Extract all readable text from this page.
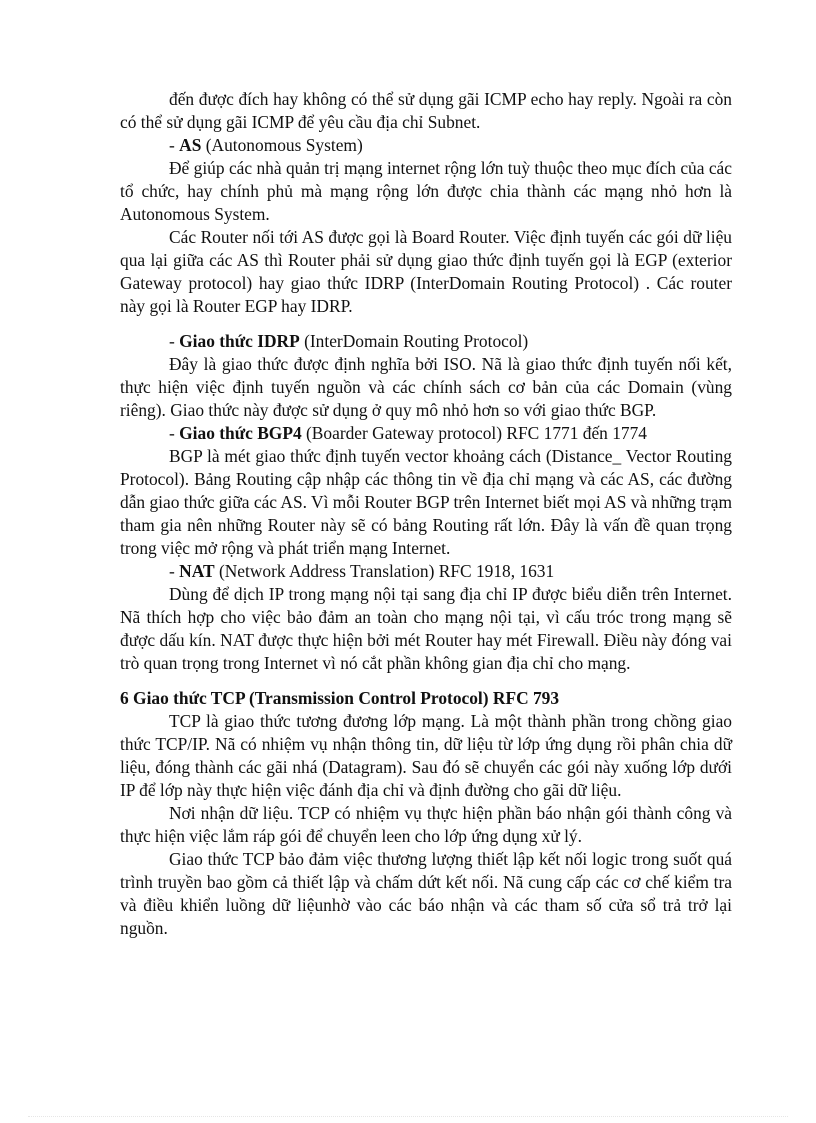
đến được đích hay không có thể sử dụng gãi ICMP echo hay reply. Ngoài ra còn có thể sử dụng gãi ICMP để yêu cầu địa chỉ Subnet.

- AS (Autonomous System)

Để giúp các nhà quản trị mạng internet rộng lớn tuỳ thuộc theo mục đích của các tổ chức, hay chính phủ mà mạng rộng lớn được chia thành các mạng nhỏ hơn là Autonomous System.

Các Router nối tới AS được gọi là Board Router. Việc định tuyến các gói dữ liệu qua lại giữa các AS thì Router phải sử dụng giao thức định tuyến gọi là EGP (exterior Gateway protocol) hay giao thức IDRP (InterDomain Routing Protocol) . Các router này gọi là Router EGP hay IDRP.

- Giao thức IDRP (InterDomain Routing Protocol)

Đây là giao thức được định nghĩa bởi ISO. Nã là giao thức định tuyến nối kết, thực hiện việc định tuyến nguồn và các chính sách cơ bản của các Domain (vùng riêng). Giao thức này được sử dụng ở quy mô nhỏ hơn so với giao thức BGP.

- Giao thức BGP4 (Boarder Gateway protocol) RFC 1771 đến 1774

BGP là mét giao thức định tuyến vector khoảng cách (Distance_ Vector Routing Protocol). Bảng Routing cập nhập các thông tin về địa chỉ mạng và các AS, các đường dẫn giao thức giữa các AS. Vì mỗi Router BGP trên Internet biết mọi AS và những trạm tham gia nên những Router này sẽ có bảng Routing rất lớn. Đây là vấn đề quan trọng trong việc mở rộng và phát triển mạng Internet.

- NAT (Network Address Translation) RFC 1918, 1631

Dùng để dịch IP trong mạng nội tại sang địa chỉ IP được biểu diễn trên Internet. Nã thích hợp cho việc bảo đảm an toàn cho mạng nội tại, vì cấu tróc trong mạng sẽ được dấu kín. NAT được thực hiện bởi mét Router hay mét Firewall. Điều này đóng vai trò quan trọng trong Internet vì nó cắt phần không gian địa chỉ cho mạng.

6 Giao thức TCP (Transmission Control Protocol) RFC 793

TCP là giao thức tương đương lớp mạng. Là một thành phần trong chồng giao thức TCP/IP. Nã có nhiệm vụ nhận thông tin, dữ liệu từ lớp ứng dụng rồi phân chia dữ liệu, đóng thành các gãi nhá (Datagram). Sau đó sẽ chuyển các gói này xuống lớp dưới IP để lớp này thực hiện việc đánh địa chỉ và định đường cho gãi dữ liệu.

Nơi nhận dữ liệu. TCP có nhiệm vụ thực hiện phần báo nhận gói thành công và thực hiện việc lắm ráp gói để chuyển leen cho lớp ứng dụng xử lý.

Giao thức TCP bảo đảm việc thương lượng thiết lập kết nối logic trong suốt quá trình truyền bao gồm cả thiết lập và chấm dứt kết nối. Nã cung cấp các cơ chế kiểm tra và điều khiển luồng dữ liệunhờ vào các báo nhận và các tham số cửa sổ trả trở lại nguồn.
